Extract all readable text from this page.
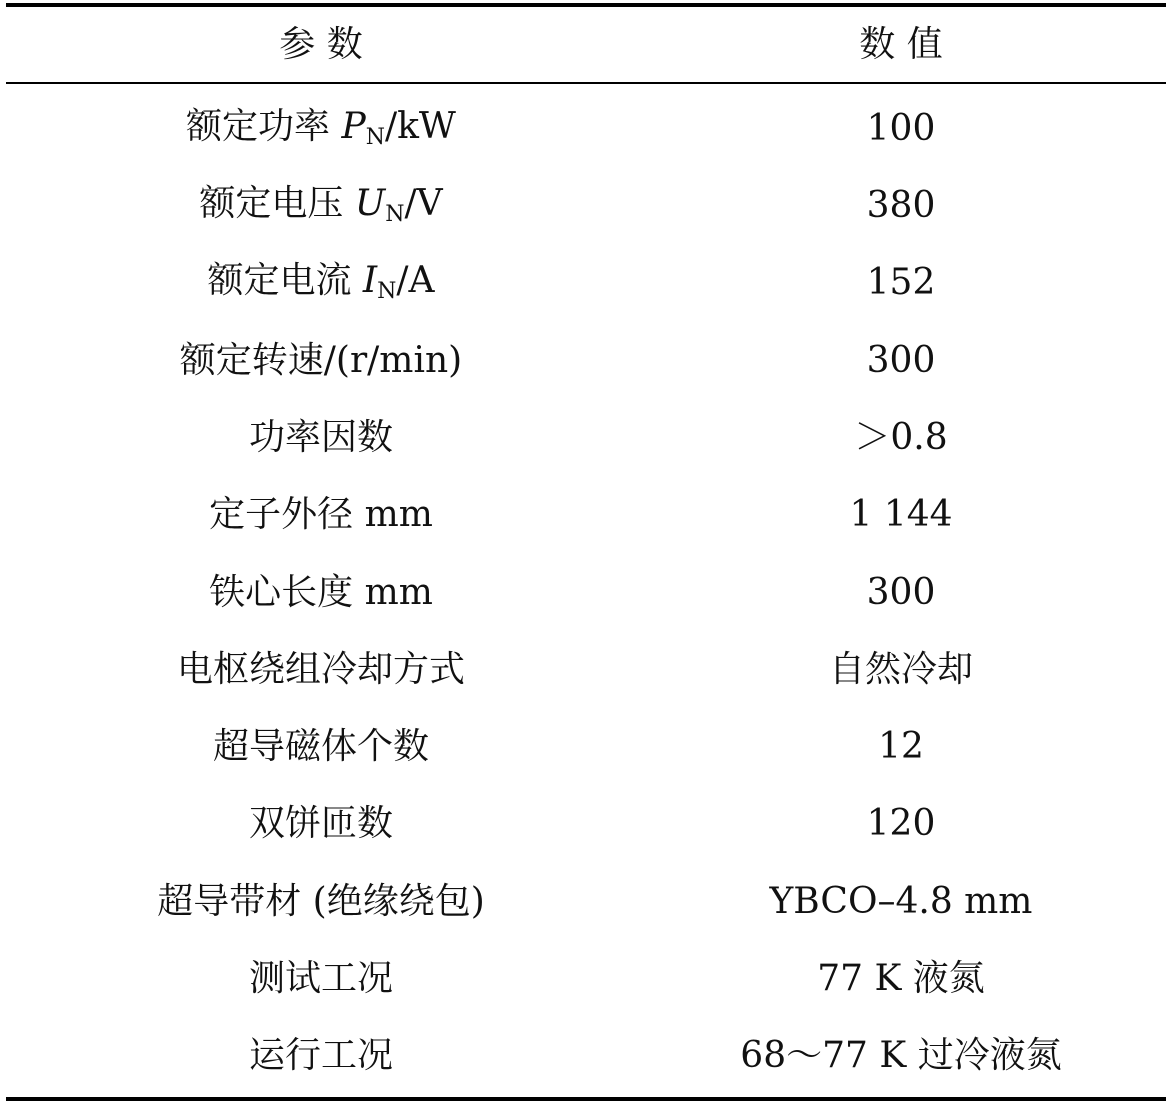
参 数	数 值
额定功率 $P_N/kW$	100
额定电压 $U_N/V$	380
额定电流 $I_N/A$	152
额定转速/(r/min)	300
功率因数	＞0.8
定子外径 mm	1 144
铁心长度 mm	300
电枢绕组冷却方式	自然冷却
超导磁体个数	12
双饼匝数	120
超导带材 (绝缘绕包)	YBCO–4.8 mm
测试工况	77 K 液氮
运行工况	68～77 K 过冷液氮
